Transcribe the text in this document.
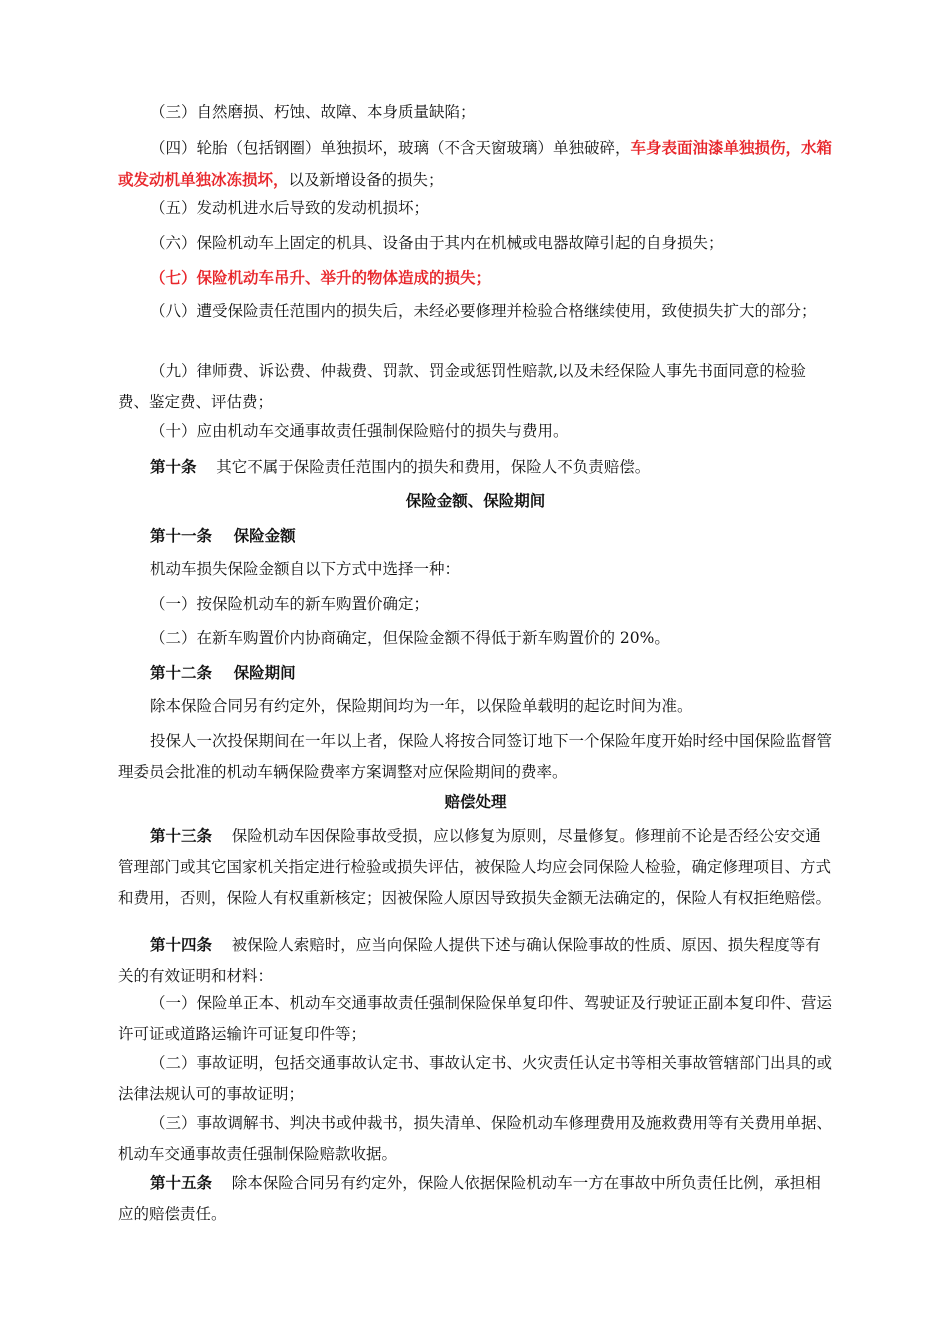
（三）自然磨损、朽蚀、故障、本身质量缺陷；

（四）轮胎（包括钢圈）单独损坏，玻璃（不含天窗玻璃）单独破碎，车身表面油漆单独损伤，水箱或发动机单独冰冻损坏，以及新增设备的损失；

（五）发动机进水后导致的发动机损坏；

（六）保险机动车上固定的机具、设备由于其内在机械或电器故障引起的自身损失；

（七）保险机动车吊升、举升的物体造成的损失；

（八）遭受保险责任范围内的损失后，未经必要修理并检验合格继续使用，致使损失扩大的部分；

（九）律师费、诉讼费、仲裁费、罚款、罚金或惩罚性赔款,以及未经保险人事先书面同意的检验费、鉴定费、评估费；

（十）应由机动车交通事故责任强制保险赔付的损失与费用。

第十条 其它不属于保险责任范围内的损失和费用，保险人不负责赔偿。

保险金额、保险期间

第十一条 保险金额

机动车损失保险金额自以下方式中选择一种：

（一）按保险机动车的新车购置价确定；

（二）在新车购置价内协商确定，但保险金额不得低于新车购置价的 20%。

第十二条 保险期间

除本保险合同另有约定外，保险期间均为一年，以保险单载明的起讫时间为准。

投保人一次投保期间在一年以上者，保险人将按合同签订地下一个保险年度开始时经中国保险监督管理委员会批准的机动车辆保险费率方案调整对应保险期间的费率。

赔偿处理

第十三条 保险机动车因保险事故受损，应以修复为原则，尽量修复。修理前不论是否经公安交通管理部门或其它国家机关指定进行检验或损失评估，被保险人均应会同保险人检验，确定修理项目、方式和费用，否则，保险人有权重新核定；因被保险人原因导致损失金额无法确定的，保险人有权拒绝赔偿。

第十四条 被保险人索赔时，应当向保险人提供下述与确认保险事故的性质、原因、损失程度等有关的有效证明和材料：

（一）保险单正本、机动车交通事故责任强制保险保单复印件、驾驶证及行驶证正副本复印件、营运许可证或道路运输许可证复印件等；

（二）事故证明，包括交通事故认定书、事故认定书、火灾责任认定书等相关事故管辖部门出具的或法律法规认可的事故证明；

（三）事故调解书、判决书或仲裁书，损失清单、保险机动车修理费用及施救费用等有关费用单据、机动车交通事故责任强制保险赔款收据。

第十五条 除本保险合同另有约定外，保险人依据保险机动车一方在事故中所负责任比例，承担相应的赔偿责任。
